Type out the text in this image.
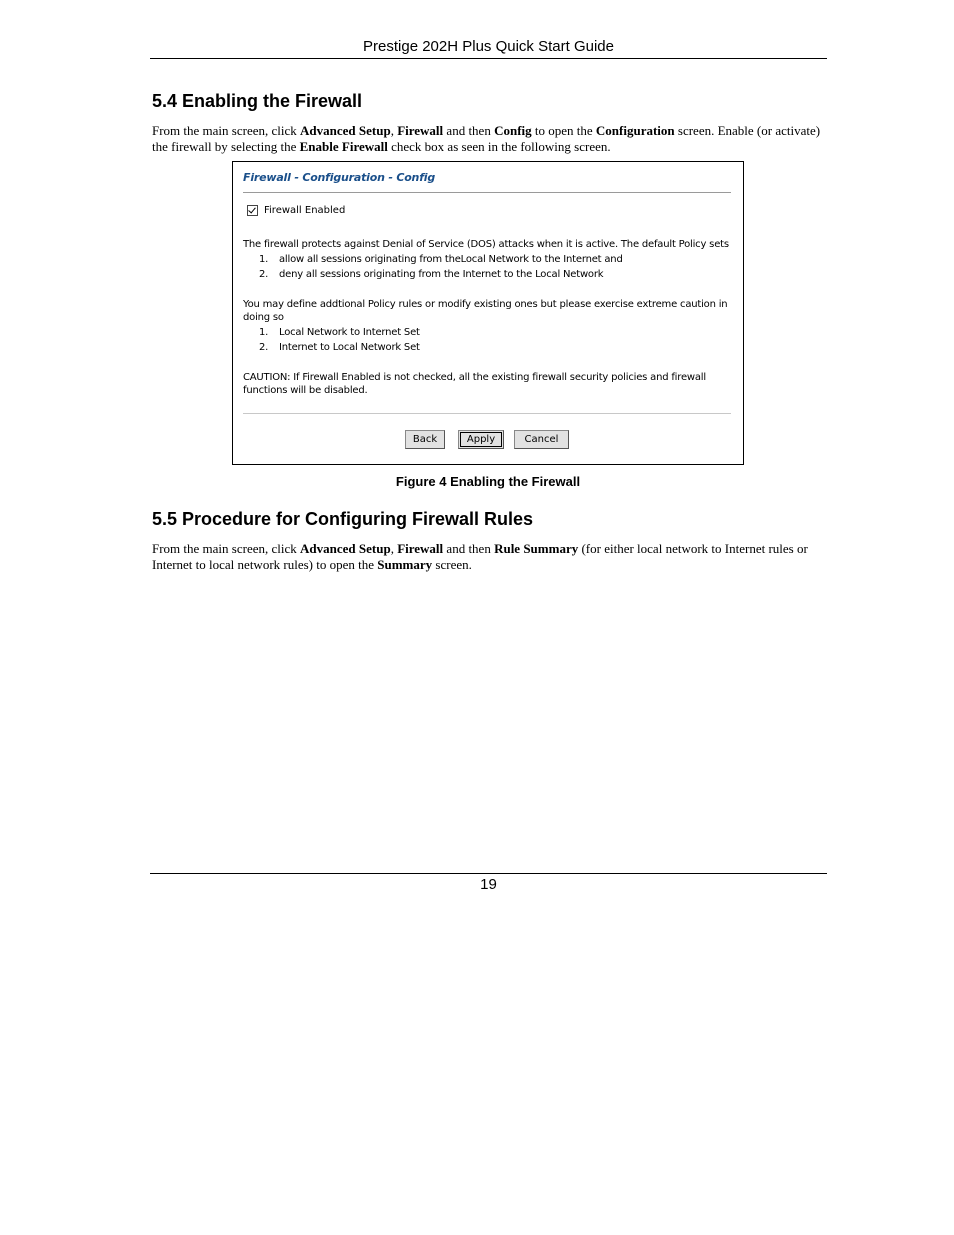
Prestige 202H Plus Quick Start Guide
5.4 Enabling the Firewall

From the main screen, click Advanced Setup, Firewall and then Config to open the Configuration screen. Enable (or activate) the firewall by selecting the Enable Firewall check box as seen in the following screen.

Firewall - Configuration - Config
Firewall Enabled
The firewall protects against Denial of Service (DOS) attacks when it is active. The default Policy sets
1. allow all sessions originating from theLocal Network to the Internet and
2. deny all sessions originating from the Internet to the Local Network
You may define addtional Policy rules or modify existing ones but please exercise extreme caution in
doing so
1. Local Network to Internet Set
2. Internet to Local Network Set
CAUTION: If Firewall Enabled is not checked, all the existing firewall security policies and firewall
functions will be disabled.
Back	Apply	Cancel
Figure 4 Enabling the Firewall
5.5 Procedure for Configuring Firewall Rules

From the main screen, click Advanced Setup, Firewall and then Rule Summary (for either local network to Internet rules or Internet to local network rules) to open the Summary screen.

19
